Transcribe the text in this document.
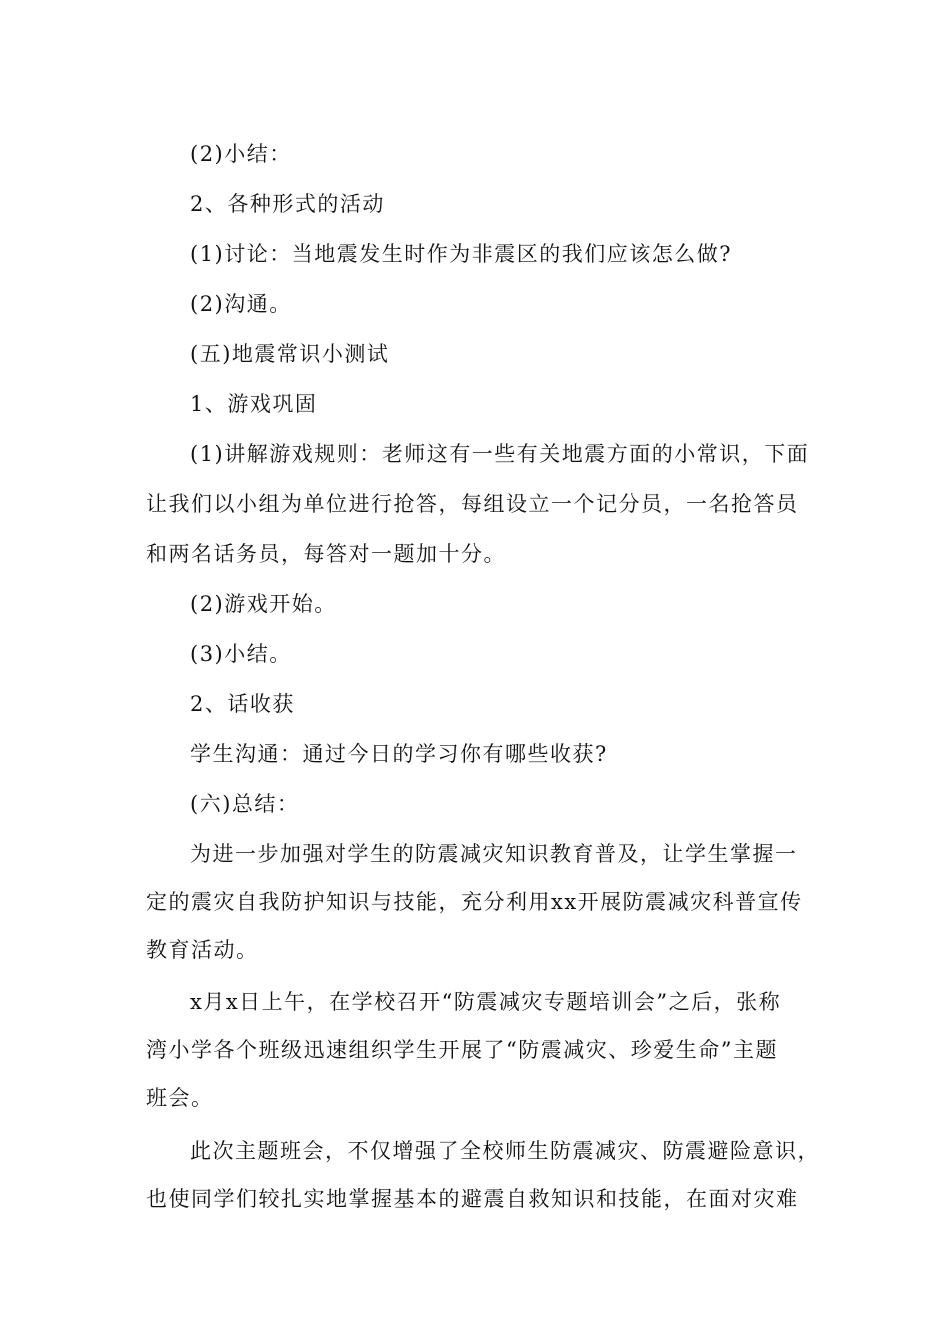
(2)小结：
2、各种形式的活动
(1)讨论：当地震发生时作为非震区的我们应该怎么做?
(2)沟通。
(五)地震常识小测试
1、游戏巩固
(1)讲解游戏规则：老师这有一些有关地震方面的小常识，下面
让我们以小组为单位进行抢答，每组设立一个记分员，一名抢答员
和两名话务员，每答对一题加十分。
(2)游戏开始。
(3)小结。
2、话收获
学生沟通：通过今日的学习你有哪些收获?
(六)总结：
为进一步加强对学生的防震减灾知识教育普及，让学生掌握一
定的震灾自我防护知识与技能，充分利用xx开展防震减灾科普宣传
教育活动。
x月x日上午，在学校召开“防震减灾专题培训会”之后，张称
湾小学各个班级迅速组织学生开展了“防震减灾、珍爱生命”主题
班会。
此次主题班会，不仅增强了全校师生防震减灾、防震避险意识，
也使同学们较扎实地掌握基本的避震自救知识和技能，在面对灾难
